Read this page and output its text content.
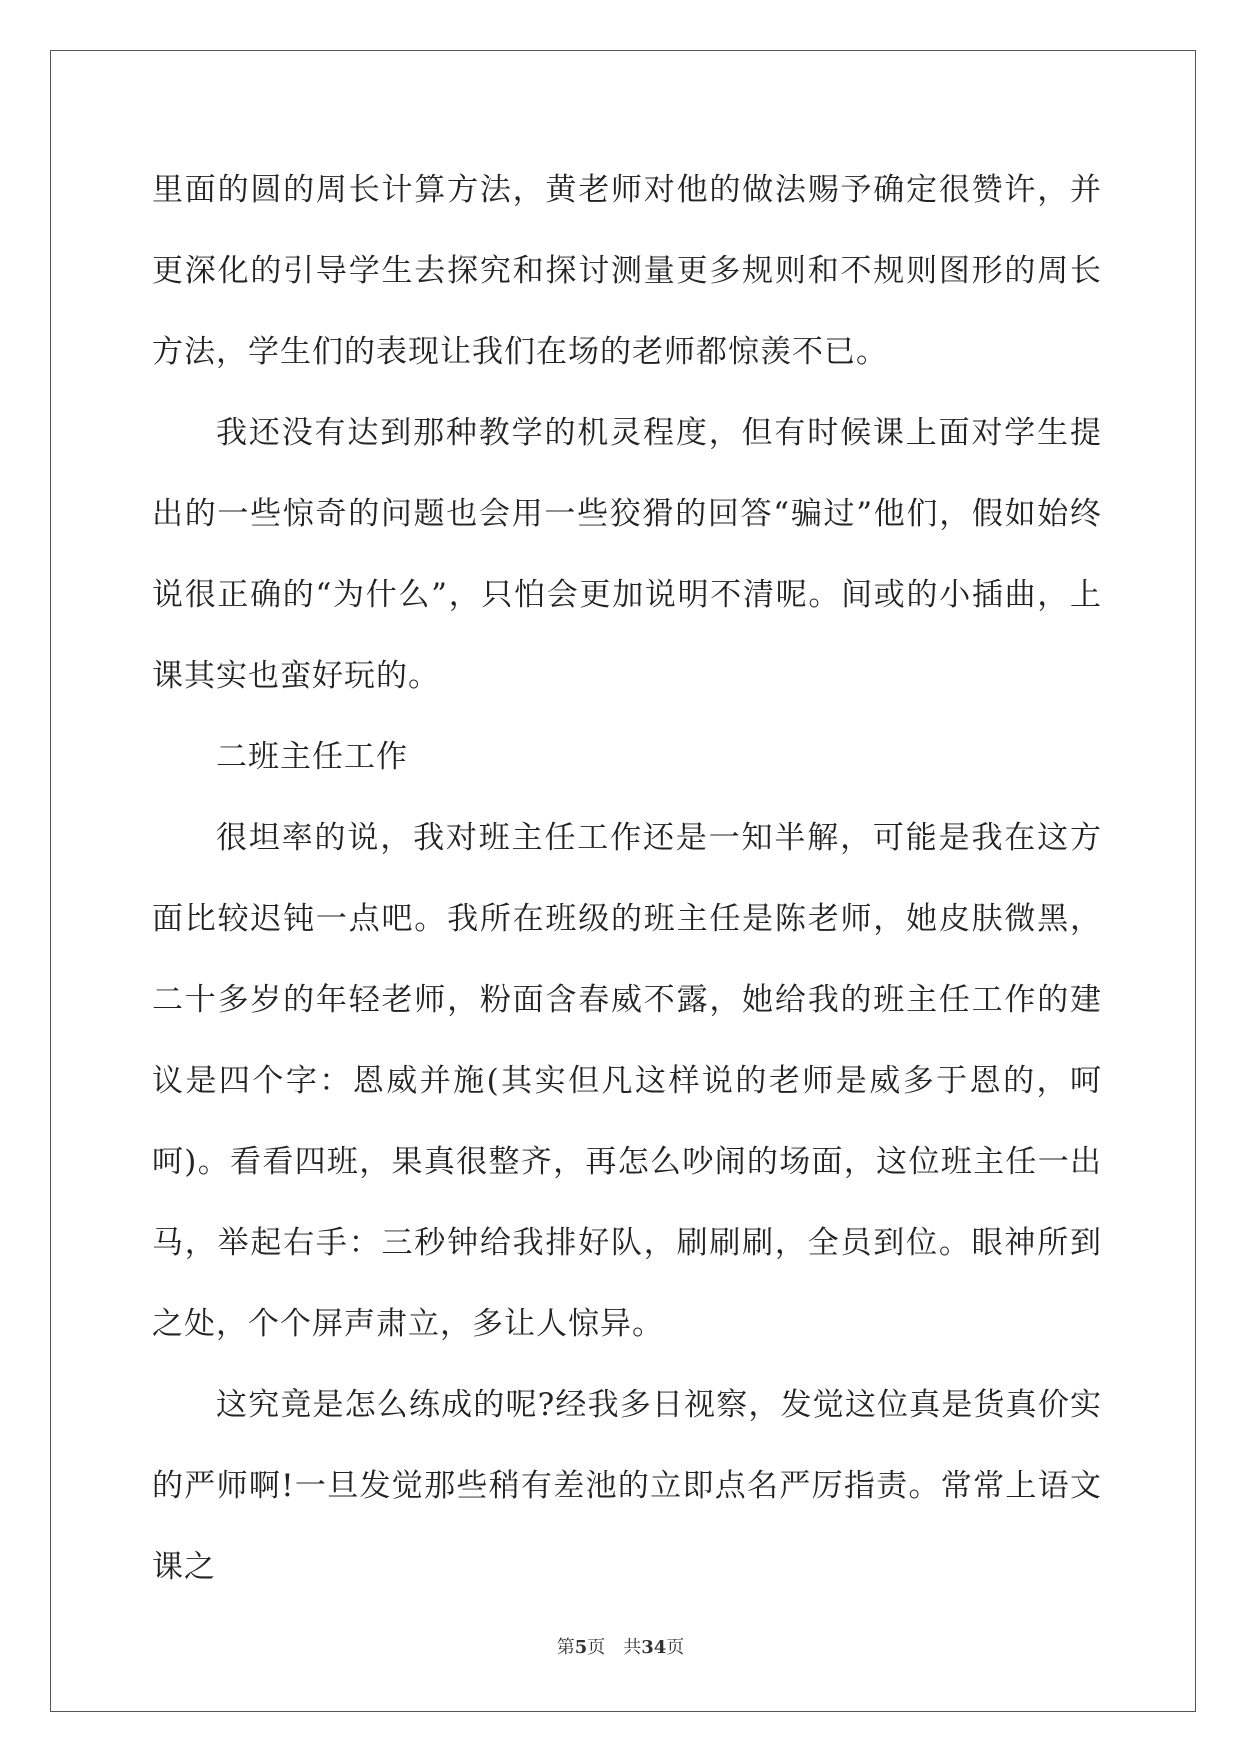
里面的圆的周长计算方法，黄老师对他的做法赐予确定很赞许，并更深化的引导学生去探究和探讨测量更多规则和不规则图形的周长方法，学生们的表现让我们在场的老师都惊羡不已。

我还没有达到那种教学的机灵程度，但有时候课上面对学生提出的一些惊奇的问题也会用一些狡猾的回答“骗过”他们，假如始终说很正确的“为什么”，只怕会更加说明不清呢。间或的小插曲，上课其实也蛮好玩的。

二班主任工作

很坦率的说，我对班主任工作还是一知半解，可能是我在这方面比较迟钝一点吧。我所在班级的班主任是陈老师，她皮肤微黑，二十多岁的年轻老师，粉面含春威不露，她给我的班主任工作的建议是四个字：恩威并施(其实但凡这样说的老师是威多于恩的，呵呵)。看看四班，果真很整齐，再怎么吵闹的场面，这位班主任一出马，举起右手：三秒钟给我排好队，刷刷刷，全员到位。眼神所到之处，个个屏声肃立，多让人惊异。

这究竟是怎么练成的呢?经我多日视察，发觉这位真是货真价实的严师啊!一旦发觉那些稍有差池的立即点名严厉指责。常常上语文课之

第5页 共34页
